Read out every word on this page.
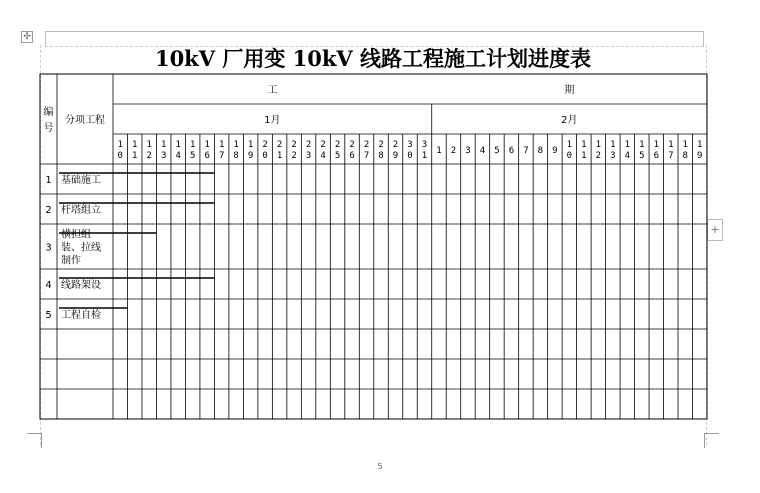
✣
+
10kV 厂用变 10kV 线路工程施工计划进度表
编
号
分项工程
工	期
1月	2月
1
0
1
1
1
2
1
3
1
4
1
5
1
6
1
7
1
8
1
9
2
0
2
1
2
2
2
3
2
4
2
5
2
6
2
7
2
8
2
9
3
0
3
1 1 2 3 4 5 6 7 8 9
1
0
1
1
1
2
1
3
1
4
1
5
1
6
1
7
1
8
1
9
1 基础施工
2 杆塔组立
3
横担组
装、拉线
制作
4 线路架设
5 工程自检
5
